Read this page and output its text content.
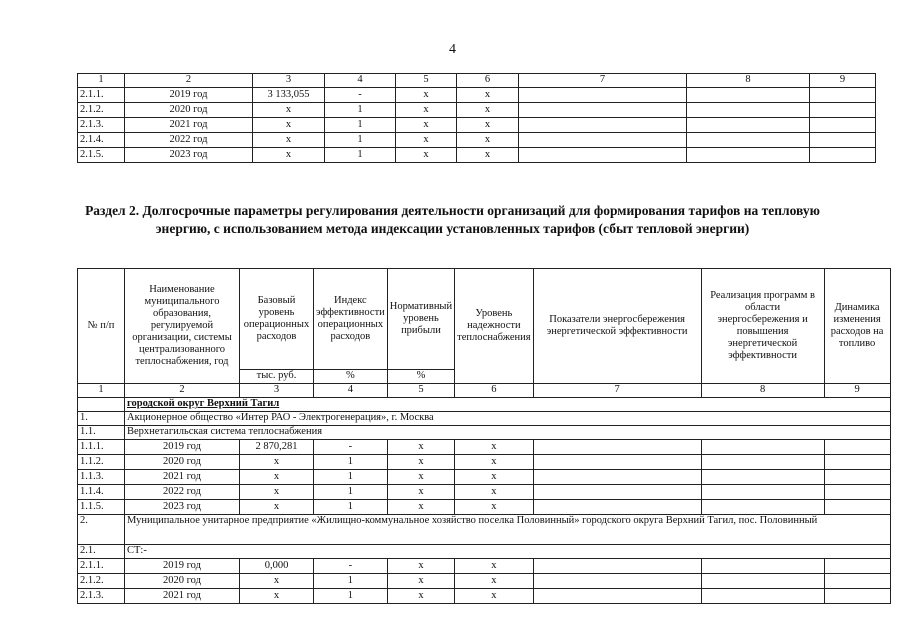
4
1	2	3	4	5	6	7	8	9
2.1.1.	2019 год	3 133,055	-	x	x			
2.1.2.	2020 год	x	1	x	x			
2.1.3.	2021 год	x	1	x	x			
2.1.4.	2022 год	x	1	x	x			
2.1.5.	2023 год	x	1	x	x			
Раздел 2. Долгосрочные параметры регулирования деятельности организаций для формирования тарифов на тепловую энергию, с использованием метода индексации установленных тарифов (сбыт тепловой энергии)
№ п/п	Наименование муниципального образования, регулируемой организации, системы централизованного теплоснабжения, год	Базовый уровень операционных расходов	Индекс эффективности операционных расходов	Нормативный уровень прибыли	Уровень надежности теплоснабжения	Показатели энергосбережения энергетической эффективности	Реализация программ в области энергосбережения и повышения энергетической эффективности	Динамика изменения расходов на топливо
		тыс. руб.	%	%				
1	2	3	4	5	6	7	8	9
	городской округ Верхний Тагил							
1.	Акционерное общество «Интер РАО - Электрогенерация», г. Москва							
1.1.	Верхнетагильская система теплоснабжения							
1.1.1.	2019 год	2 870,281	-	x	x			
1.1.2.	2020 год	x	1	x	x			
1.1.3.	2021 год	x	1	x	x			
1.1.4.	2022 год	x	1	x	x			
1.1.5.	2023 год	x	1	x	x			
2.	Муниципальное унитарное предприятие «Жилищно-коммунальное хозяйство поселка Половинный» городского округа Верхний Тагил, пос. Половинный							
2.1.	СТ:-							
2.1.1.	2019 год	0,000	-	x	x			
2.1.2.	2020 год	x	1	x	x			
2.1.3.	2021 год	x	1	x	x			
